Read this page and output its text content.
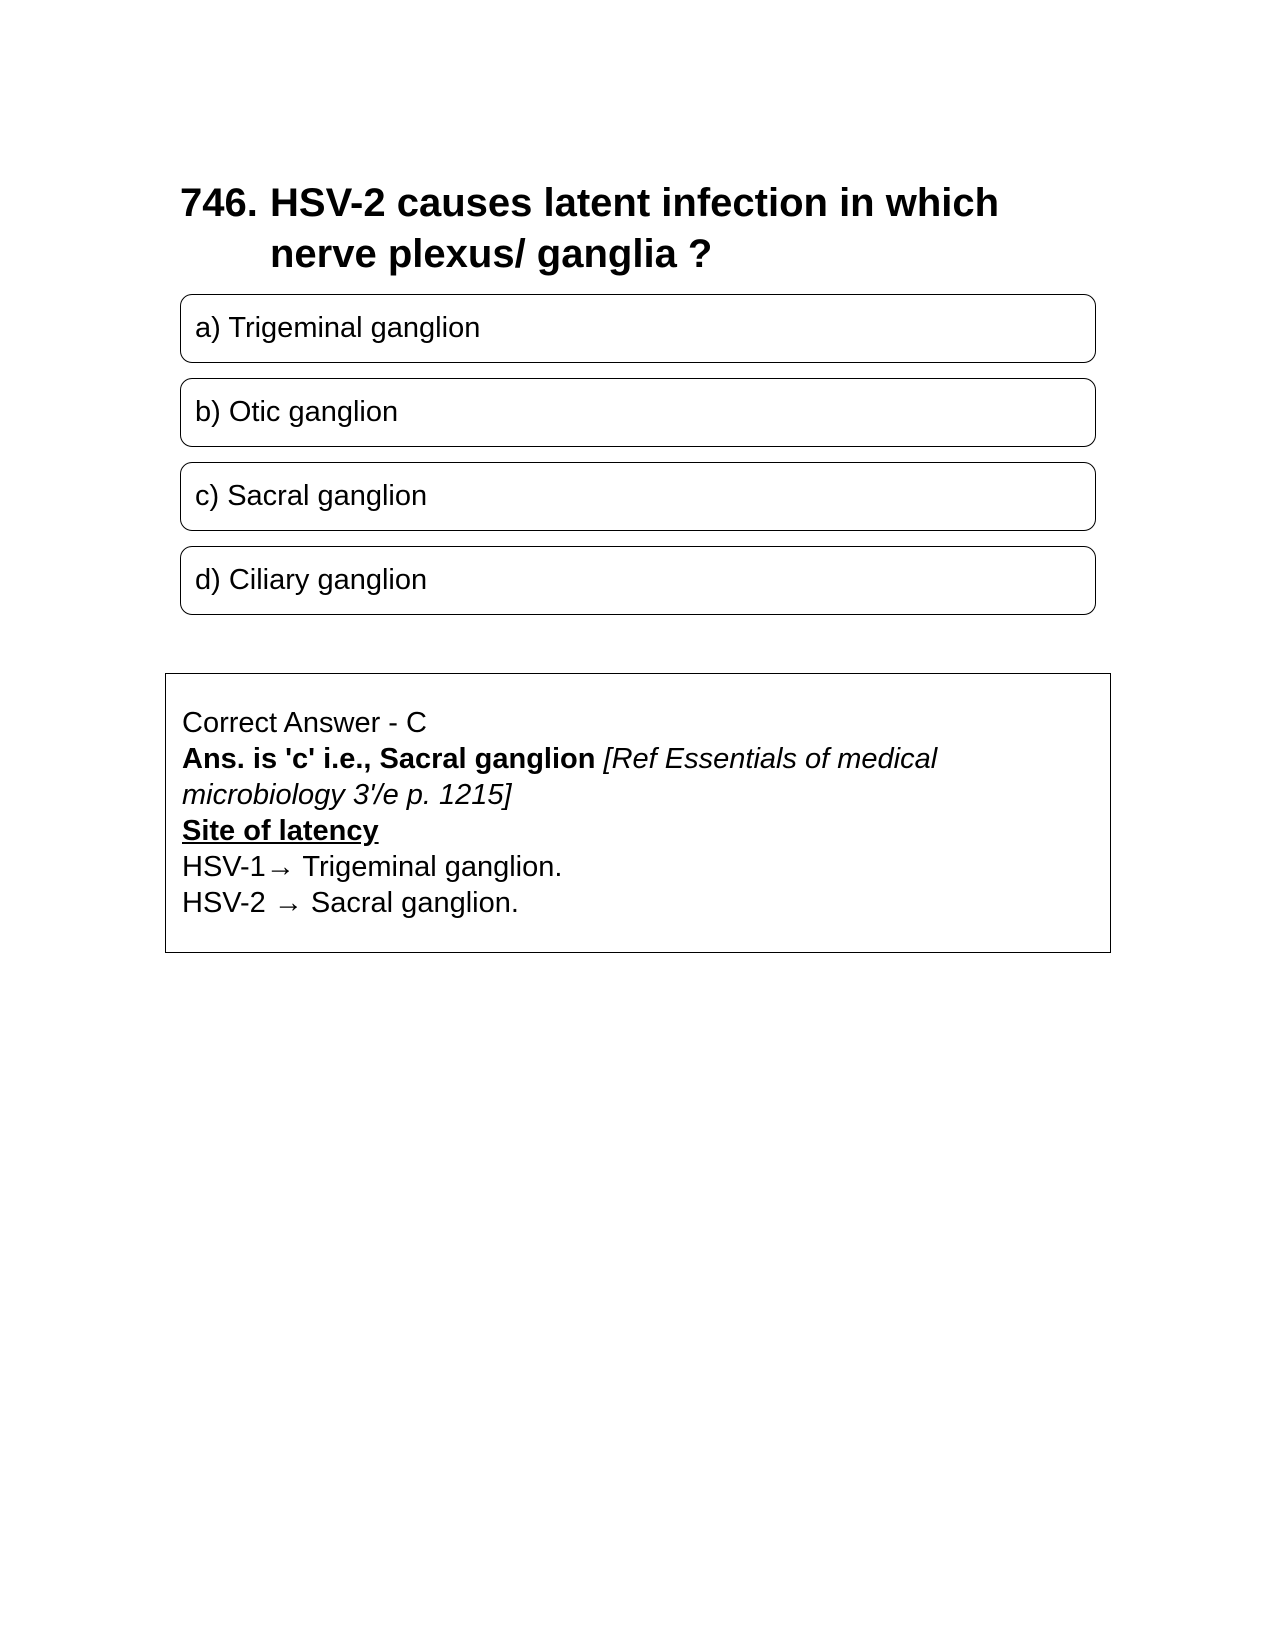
746. HSV-2 causes latent infection in which nerve plexus/ ganglia ?
a) Trigeminal ganglion
b) Otic ganglion
c) Sacral ganglion
d) Ciliary ganglion
Correct Answer - C
Ans. is 'c' i.e., Sacral ganglion [Ref Essentials of medical microbiology 3'/e p. 1215]
Site of latency
HSV-1→ Trigeminal ganglion.
HSV-2 → Sacral ganglion.
